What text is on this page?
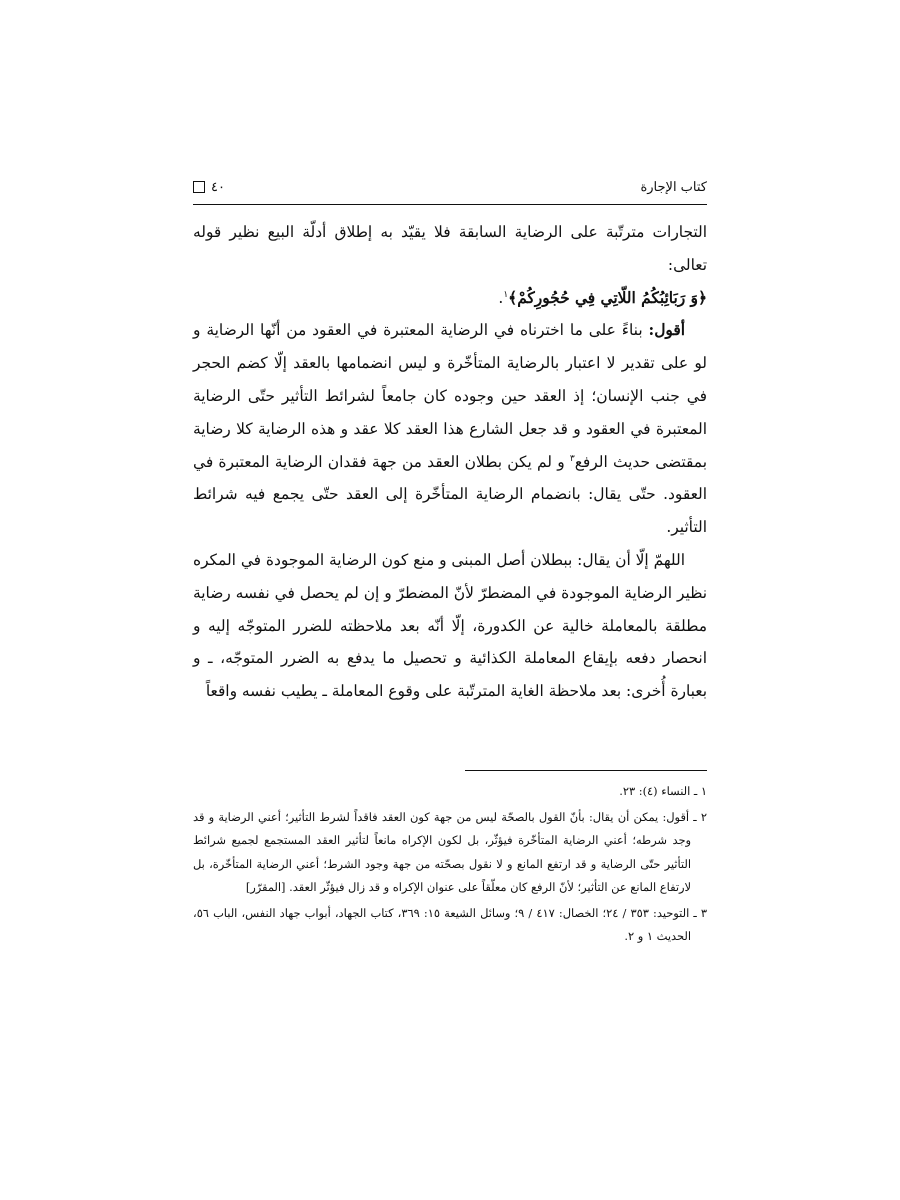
٤٠	كتاب الإجارة

التجارات مترتّبة على الرضاية السابقة فلا يقيّد به إطلاق أدلّة البيع نظير قوله تعالى:

﴿وَ رَبَائِبُكُمُ اللّاتِي فِي حُجُورِكُمْ﴾$^١$.

أقول: بناءً على ما اخترناه في الرضاية المعتبرة في العقود من أنّها الرضاية و لو على تقدير لا اعتبار بالرضاية المتأخّرة و ليس انضمامها بالعقد إلّا كضم الحجر في جنب الإنسان؛ إذ العقد حين وجوده كان جامعاً لشرائط التأثير حتّى الرضاية المعتبرة في العقود و قد جعل الشارع هذا العقد كلا عقد و هذه الرضاية كلا رضاية بمقتضى حديث الرفع$^٣$ و لم يكن بطلان العقد من جهة فقدان الرضاية المعتبرة في العقود. حتّى يقال: بانضمام الرضاية المتأخّرة إلى العقد حتّى يجمع فيه شرائط التأثير.

اللهمّ إلّا أن يقال: ببطلان أصل المبنى و منع كون الرضاية الموجودة في المكره نظير الرضاية الموجودة في المضطرّ لأنّ المضطرّ و إن لم يحصل في نفسه رضاية مطلقة بالمعاملة خالية عن الكدورة، إلّا أنّه بعد ملاحظته للضرر المتوجّه إليه و انحصار دفعه بإيقاع المعاملة الكذائية و تحصيل ما يدفع به الضرر المتوجّه، ـ و بعبارة أُخرى: بعد ملاحظة الغاية المترتّبة على وقوع المعاملة ـ يطيب نفسه واقعاً

١ ـ النساء (٤): ٢٣.

٢ ـ أقول: يمكن أن يقال: بأنّ القول بالصحّة ليس من جهة كون العقد فاقداً لشرط التأثير؛ أعني الرضاية و قد وجد شرطه؛ أعني الرضاية المتأخّرة فيؤثّر، بل لكون الإكراه مانعاً لتأثير العقد المستجمع لجميع شرائط التأثير حتّى الرضاية و قد ارتفع المانع و لا نقول بصحّته من جهة وجود الشرط؛ أعني الرضاية المتأخّرة، بل لارتفاع المانع عن التأثير؛ لأنّ الرفع كان معلّقاً على عنوان الإكراه و قد زال فيؤثّر العقد. [المقرّر]

٣ ـ التوحيد: ٣٥٣ / ٢٤؛ الخصال: ٤١٧ / ٩؛ وسائل الشيعة ١٥: ٣٦٩، كتاب الجهاد، أبواب جهاد النفس، الباب ٥٦، الحديث ١ و ٢.
